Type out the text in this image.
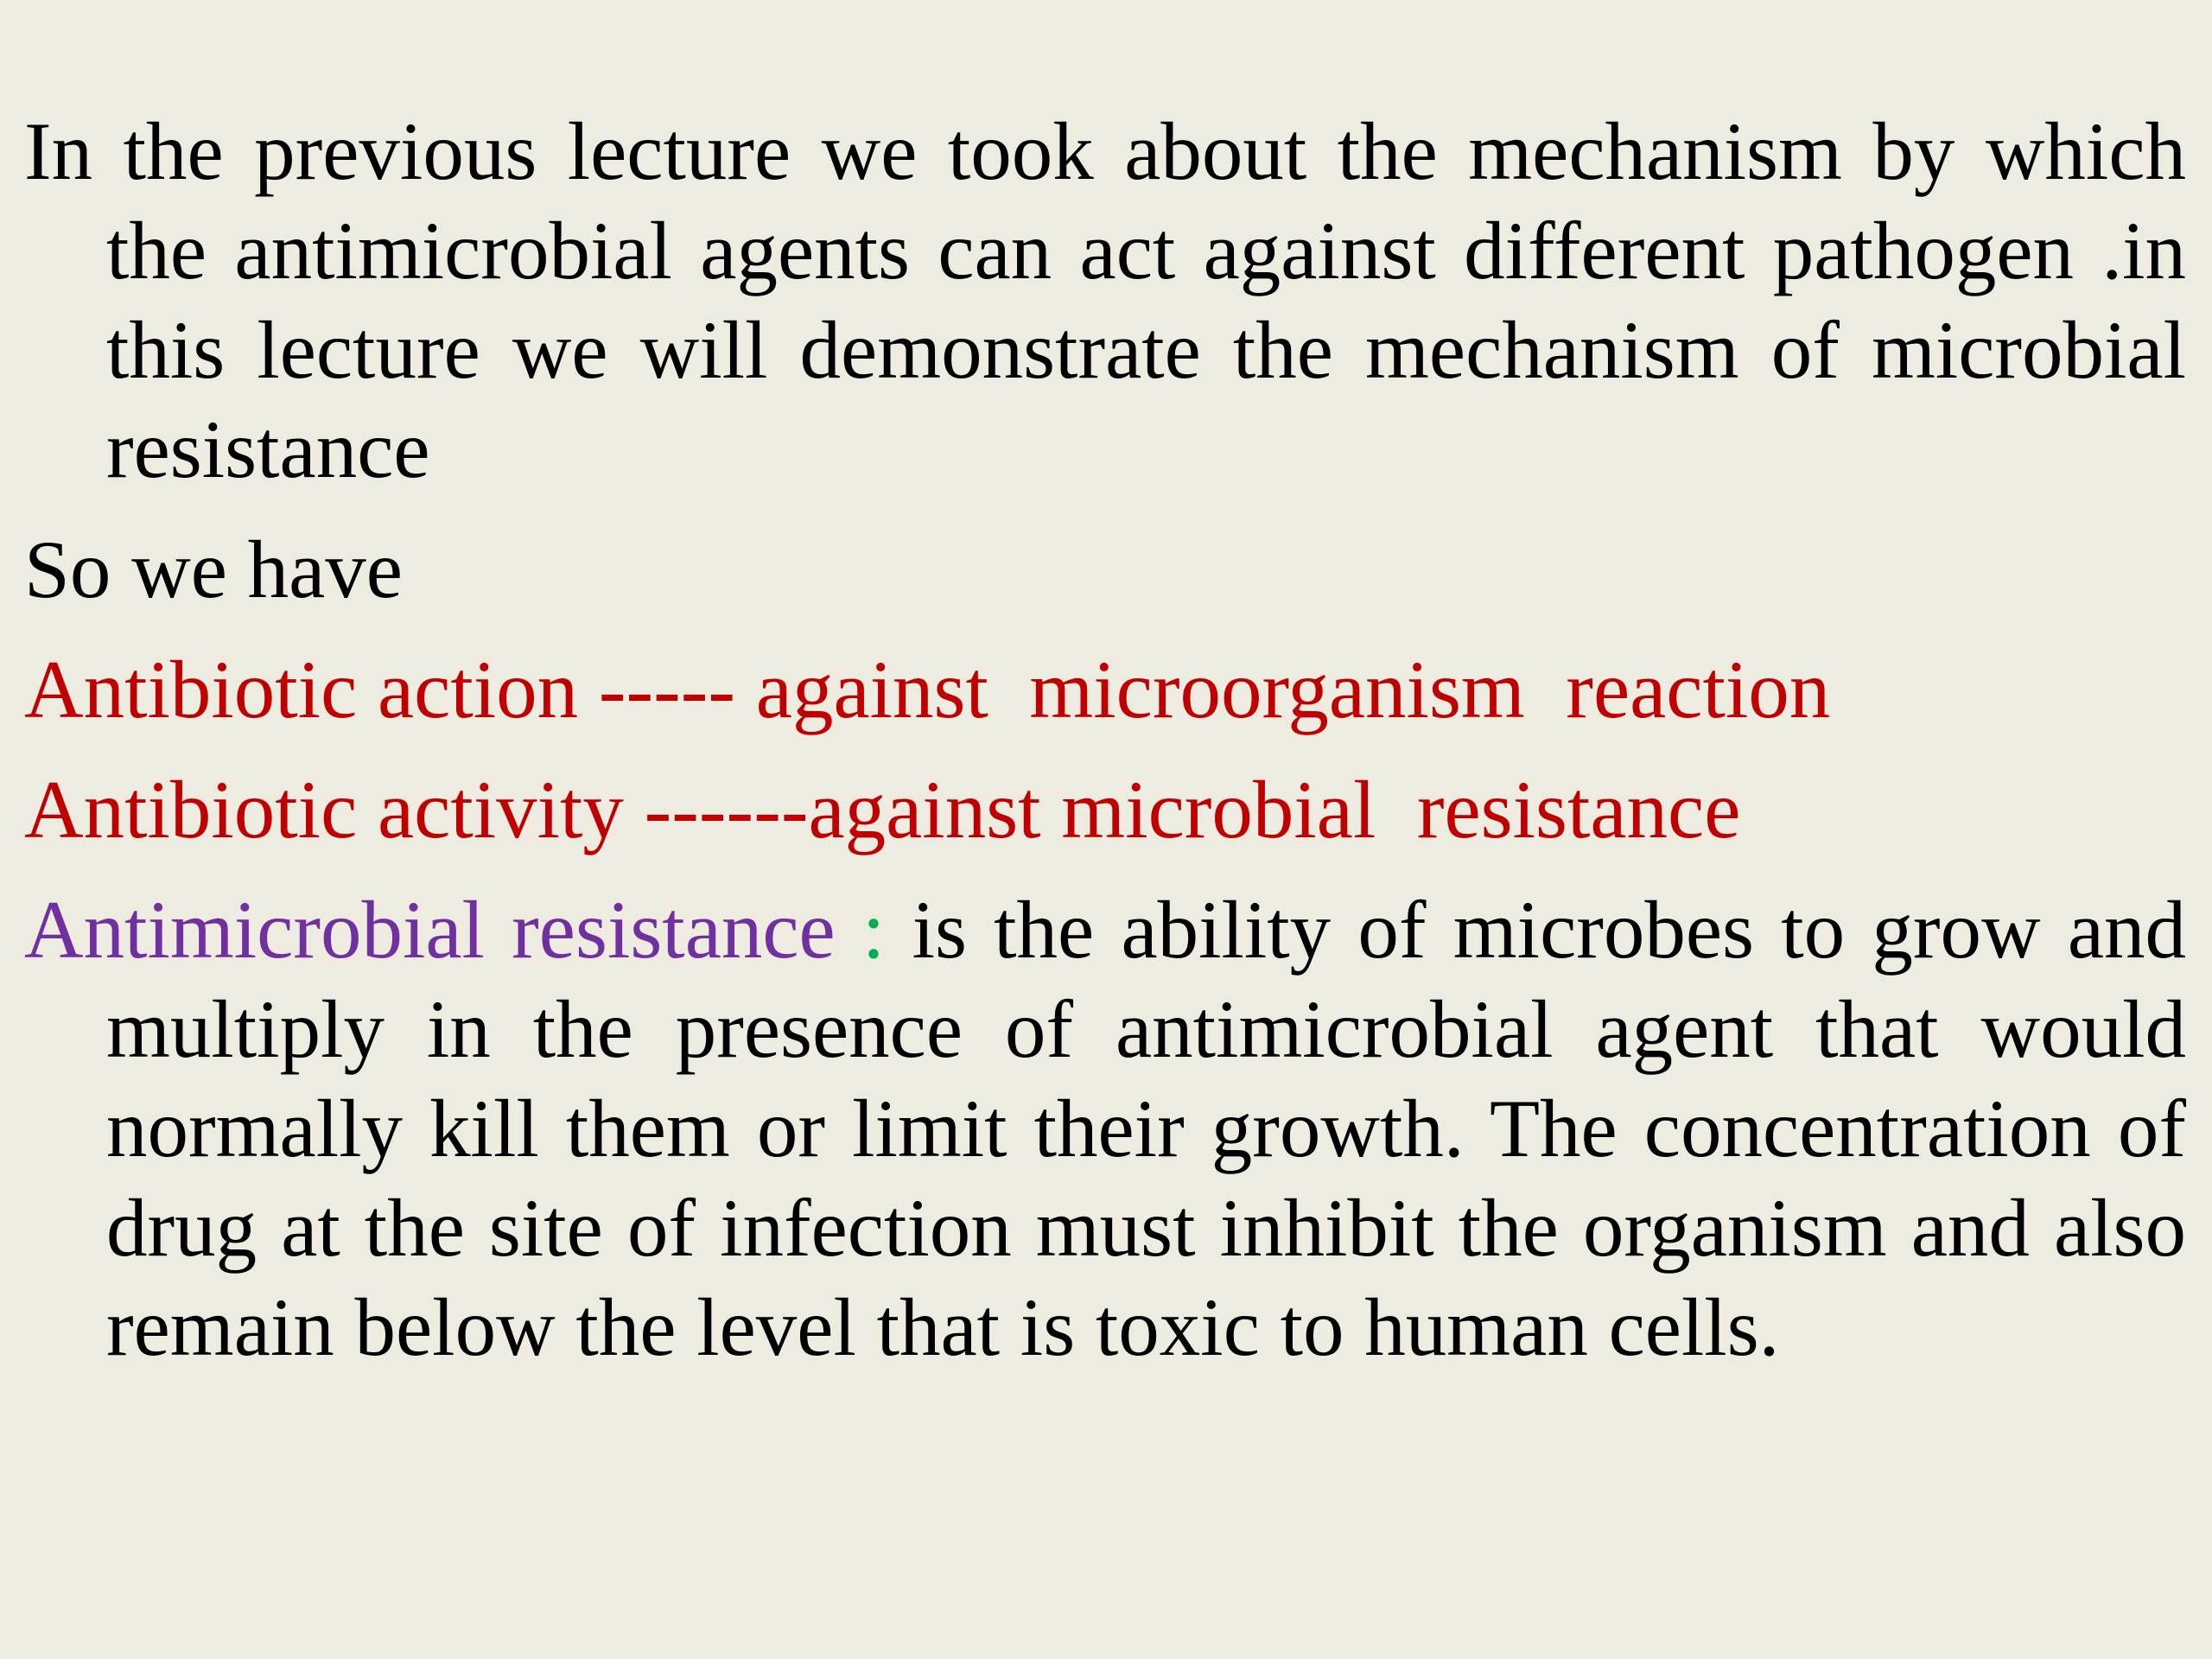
In the previous lecture we took about the mechanism by which the antimicrobial agents can act against different pathogen .in this lecture we will demonstrate the mechanism of microbial resistance

So we have

Antibiotic action ----- against  microorganism  reaction

Antibiotic activity ------against microbial  resistance

Antimicrobial resistance : is the ability of microbes to grow and multiply in the presence of antimicrobial agent that would normally kill them or limit their growth. The concentration of drug at the site of infection must inhibit the organism and also remain below the level that is toxic to human cells.
